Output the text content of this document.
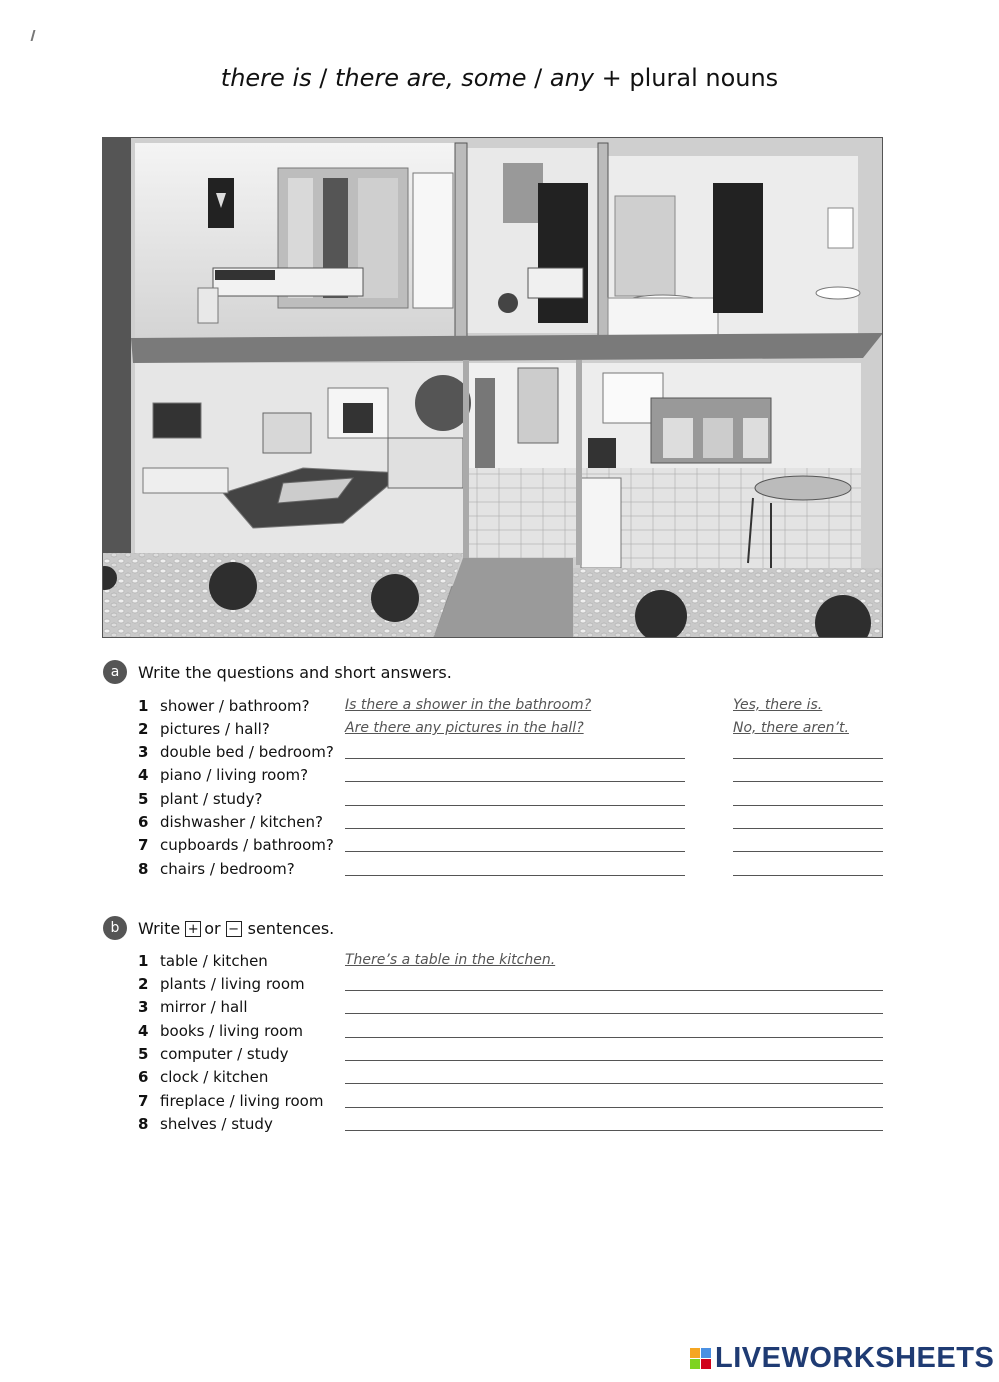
there is / there are, some / any + plural nouns
a	Write the questions and short answers.
1 shower / bathroom?	Is there a shower in the bathroom?	Yes, there is.
2 pictures / hall?	Are there any pictures in the hall?	No, there aren’t.
3 double bed / bedroom?
4 piano / living room?
5 plant / study?
6 dishwasher / kitchen?
7 cupboards / bathroom?
8 chairs / bedroom?
b	Write + or − sentences.
1 table / kitchen	There’s a table in the kitchen.
2 plants / living room
3 mirror / hall
4 books / living room
5 computer / study
6 clock / kitchen
7 fireplace / living room
8 shelves / study
LIVEWORKSHEETS
